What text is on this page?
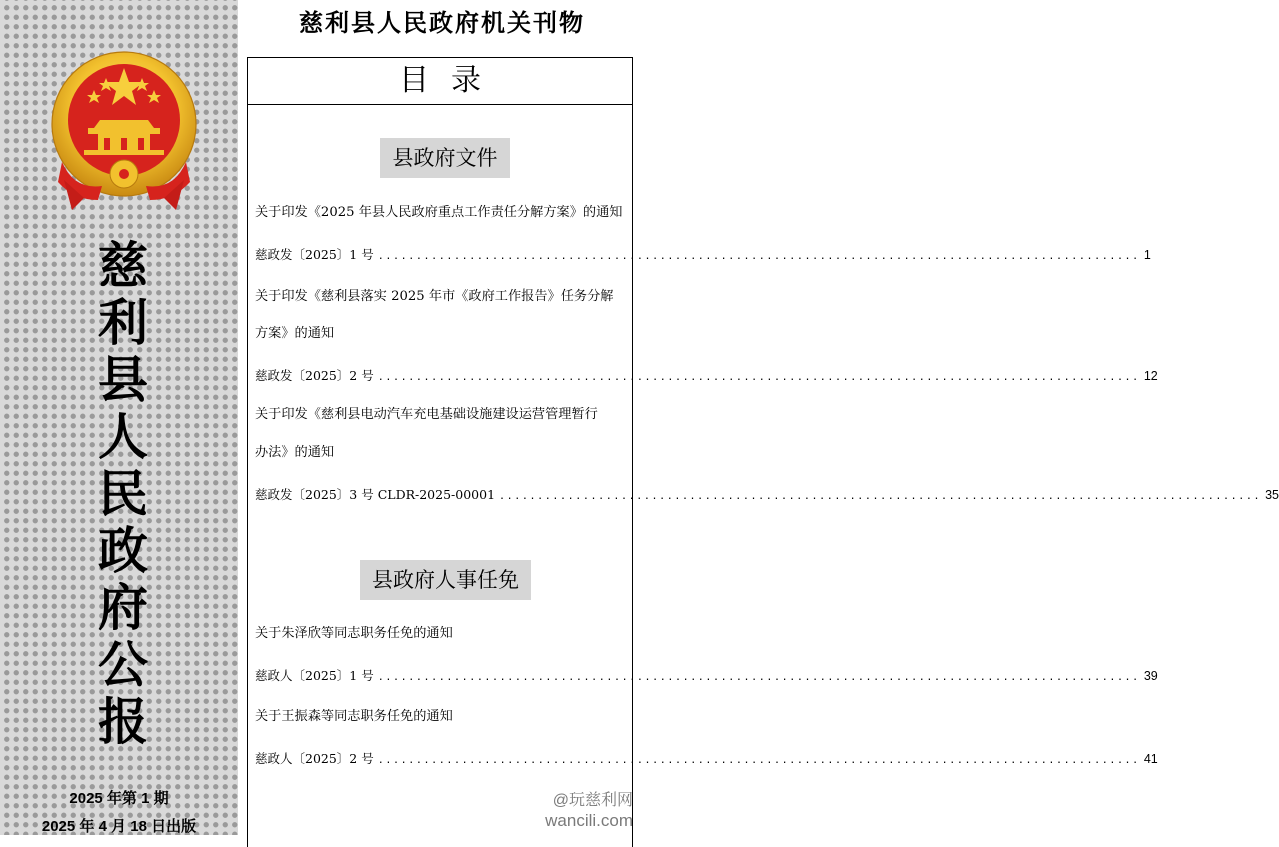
慈
利
县
人
民
政
府
公
报
2025 年第 1 期
2025 年 4 月 18 日出版
慈利县人民政府机关刊物
目录
县政府文件
关于印发《2025 年县人民政府重点工作责任分解方案》的通知
慈政发〔2025〕1 号 .................................................................................................... 1
关于印发《慈利县落实 2025 年市《政府工作报告》任务分解
方案》的通知
慈政发〔2025〕2 号 .................................................................................................... 12
关于印发《慈利县电动汽车充电基础设施建设运营管理暂行
办法》的通知
慈政发〔2025〕3 号 CLDR-2025-00001 .................................................................................................... 35
县政府人事任免
关于朱泽欣等同志职务任免的通知
慈政人〔2025〕1 号 .................................................................................................... 39
关于王振森等同志职务任免的通知
慈政人〔2025〕2 号 .................................................................................................... 41
@玩慈利网
wancili.com
